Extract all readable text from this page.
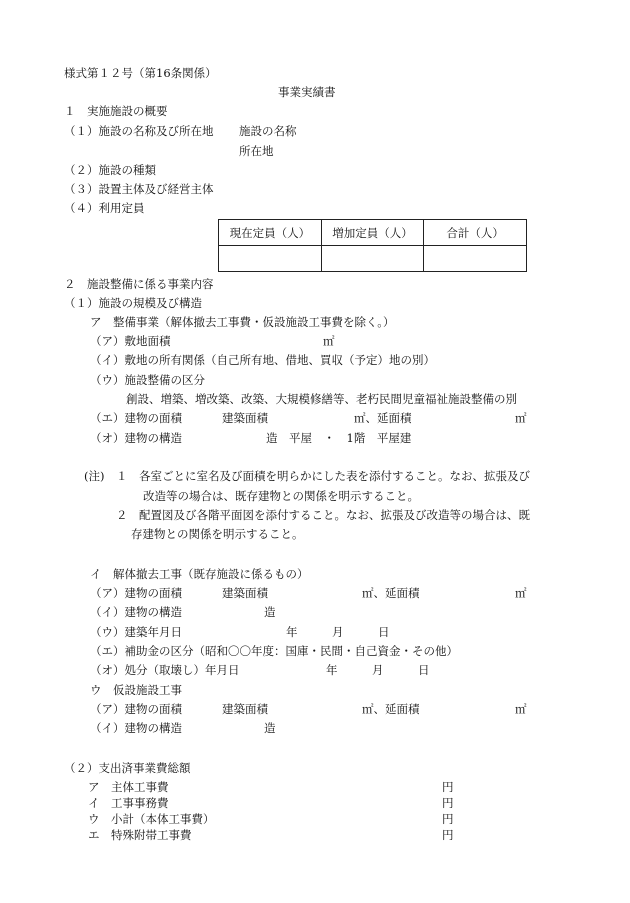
様式第１２号（第16条関係）
事業実績書
１　実施施設の概要
（１）施設の名称及び所在地 施設の名称
所在地
（２）施設の種類
（３）設置主体及び経営主体
（４）利用定員
現在定員（人）	増加定員（人）	合計（人）

２　施設整備に係る事業内容
（１）施設の規模及び構造
ア　整備事業（解体撤去工事費・仮設施設工事費を除く。）
（ア）敷地面積	㎡
（イ）敷地の所有関係（自己所有地、借地、買収（予定）地の別）
（ウ）施設整備の区分
創設、増築、増改築、改築、大規模修繕等、老朽民間児童福祉施設整備の別
（エ）建物の面積	建築面積	㎡、延面積	㎡
（オ）建物の構造	造　平屋　・　1階　平屋建
(注)　１　各室ごとに室名及び面積を明らかにした表を添付すること。なお、拡張及び
改造等の場合は、既存建物との関係を明示すること。
２　配置図及び各階平面図を添付すること。なお、拡張及び改造等の場合は、既
存建物との関係を明示すること。
イ　解体撤去工事（既存施設に係るもの）
（ア）建物の面積	建築面積	㎡、延面積	㎡
（イ）建物の構造	造
（ウ）建築年月日	年　　　月　　　日
（エ）補助金の区分（昭和〇〇年度：国庫・民間・自己資金・その他）
（オ）処分（取壊し）年月日	年　　　月　　　日
ウ　仮設施設工事
（ア）建物の面積	建築面積	㎡、延面積	㎡
（イ）建物の構造	造
（２）支出済事業費総額
ア　主体工事費	円
イ　工事事務費	円
ウ　小計（本体工事費）	円
エ　特殊附帯工事費	円
